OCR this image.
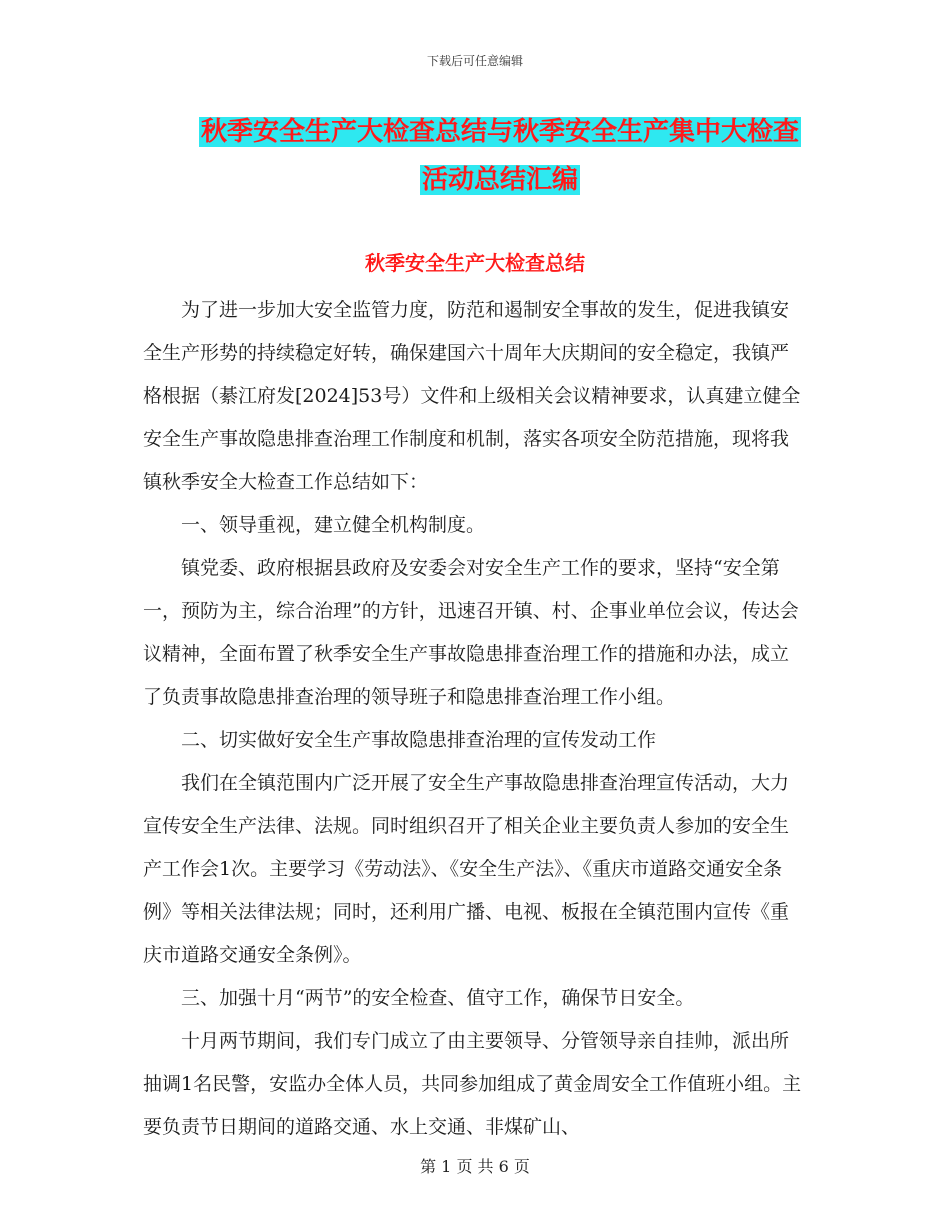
下载后可任意编辑
秋季安全生产大检查总结与秋季安全生产集中大检查
活动总结汇编
秋季安全生产大检查总结

为了进一步加大安全监管力度，防范和遏制安全事故的发生，促进我镇安全生产形势的持续稳定好转，确保建国六十周年大庆期间的安全稳定，我镇严格根据（綦江府发[2024]53号）文件和上级相关会议精神要求，认真建立健全安全生产事故隐患排查治理工作制度和机制，落实各项安全防范措施，现将我镇秋季安全大检查工作总结如下：

一、领导重视，建立健全机构制度。

镇党委、政府根据县政府及安委会对安全生产工作的要求，坚持“安全第一，预防为主，综合治理”的方针，迅速召开镇、村、企事业单位会议，传达会议精神，全面布置了秋季安全生产事故隐患排查治理工作的措施和办法，成立了负责事故隐患排查治理的领导班子和隐患排查治理工作小组。

二、切实做好安全生产事故隐患排查治理的宣传发动工作

我们在全镇范围内广泛开展了安全生产事故隐患排查治理宣传活动，大力宣传安全生产法律、法规。同时组织召开了相关企业主要负责人参加的安全生产工作会1次。主要学习《劳动法》、《安全生产法》、《重庆市道路交通安全条例》等相关法律法规；同时，还利用广播、电视、板报在全镇范围内宣传《重庆市道路交通安全条例》。

三、加强十月“两节”的安全检查、值守工作，确保节日安全。

十月两节期间，我们专门成立了由主要领导、分管领导亲自挂帅，派出所抽调1名民警，安监办全体人员，共同参加组成了黄金周安全工作值班小组。主要负责节日期间的道路交通、水上交通、非煤矿山、

第 1 页 共 6 页
